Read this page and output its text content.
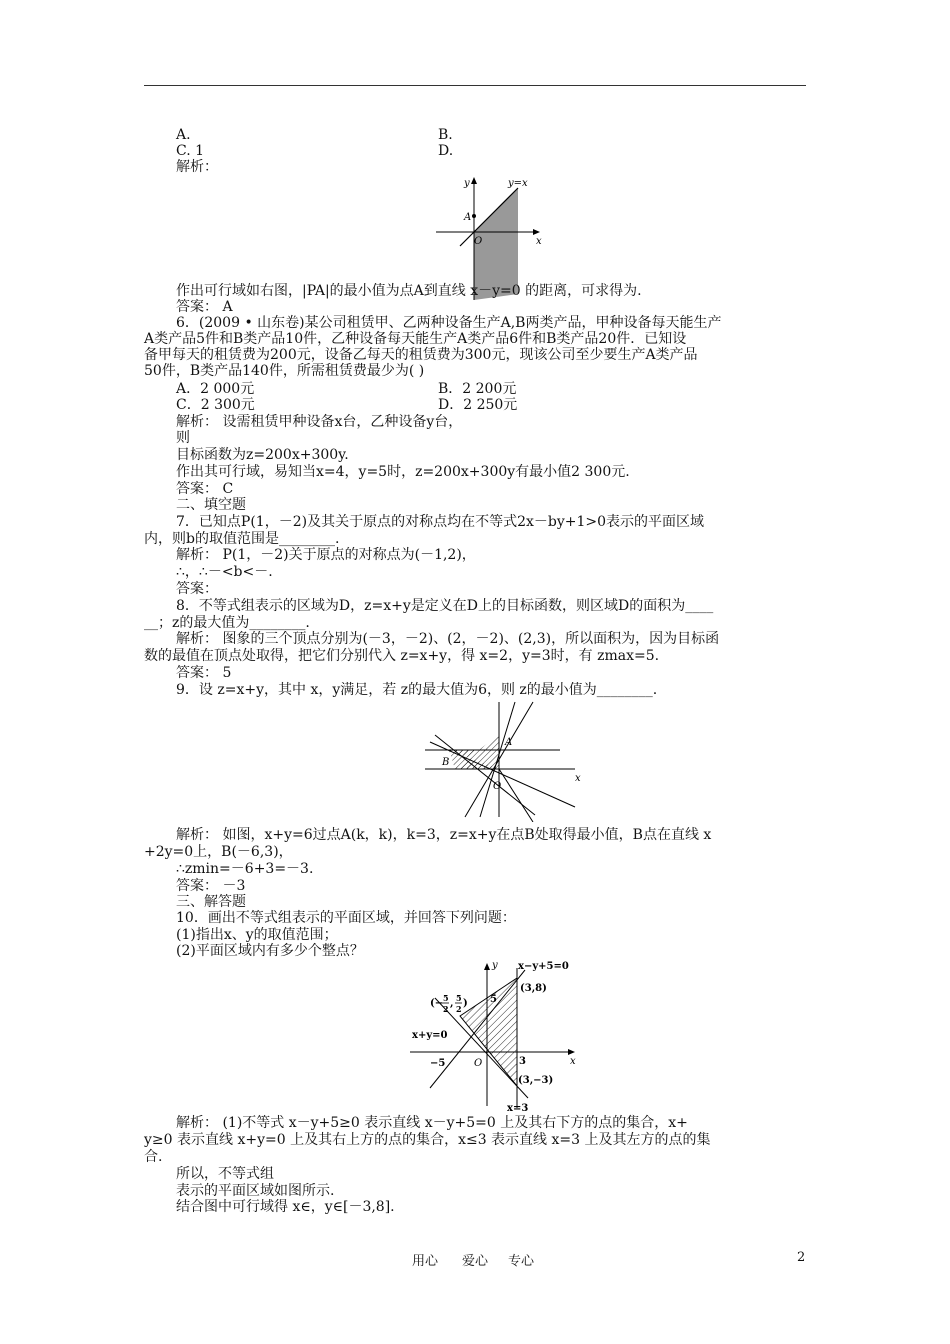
A.	B.
C. 1	D.
解析：
y
x
y=x
A
O
作出可行域如右图，|PA|的最小值为点A到直线 x－y=0 的距离，可求得为.
答案： A
6．(2009 • 山东卷)某公司租赁甲、乙两种设备生产A,B两类产品，甲种设备每天能生产
A类产品5件和B类产品10件，乙种设备每天能生产A类产品6件和B类产品20件．已知设
备甲每天的租赁费为200元，设备乙每天的租赁费为300元，现该公司至少要生产A类产品
50件，B类产品140件，所需租赁费最少为( )
A．2 000元	B．2 200元
C．2 300元	D．2 250元
解析： 设需租赁甲种设备x台，乙种设备y台，
则
目标函数为z=200x+300y.
作出其可行域，易知当x=4，y=5时，z=200x+300y有最小值2 300元.
答案： C
二、填空题
7．已知点P(1，－2)及其关于原点的对称点均在不等式2x－by+1>0表示的平面区域
内，则b的取值范围是________.
解析： P(1，－2)关于原点的对称点为(－1,2)，
∴，∴－<b<－.
答案：
8．不等式组表示的区域为D，z=x+y是定义在D上的目标函数，则区域D的面积为____
__；z的最大值为________.
解析： 图象的三个顶点分别为(－3，－2)、(2，－2)、(2,3)，所以面积为，因为目标函
数的最值在顶点处取得，把它们分别代入 z=x+y，得 x=2，y=3时，有 zmax=5.
答案： 5
9．设 z=x+y，其中 x，y满足，若 z的最大值为6，则 z的最小值为________.
A
B
O
x
解析： 如图，x+y=6过点A(k，k)，k=3，z=x+y在点B处取得最小值，B点在直线 x
+2y=0上，B(－6,3)，
∴zmin=－6+3=－3.
答案： －3
三、解答题
10．画出不等式组表示的平面区域，并回答下列问题：
(1)指出x、y的取值范围；
(2)平面区域内有多少个整点？
y
x
x−y+5=0
(3,8)
(− 5
2 , 5
2 )
x+y=0
5
−5	O	3
(3,−3)
x=3
解析： (1)不等式 x－y+5≥0 表示直线 x－y+5=0 上及其右下方的点的集合，x+
y≥0 表示直线 x+y=0 上及其右上方的点的集合，x≤3 表示直线 x=3 上及其左方的点的集
合.
所以，不等式组
表示的平面区域如图所示.
结合图中可行域得 x∈，y∈[－3,8].
用心 爱心 专心	2
